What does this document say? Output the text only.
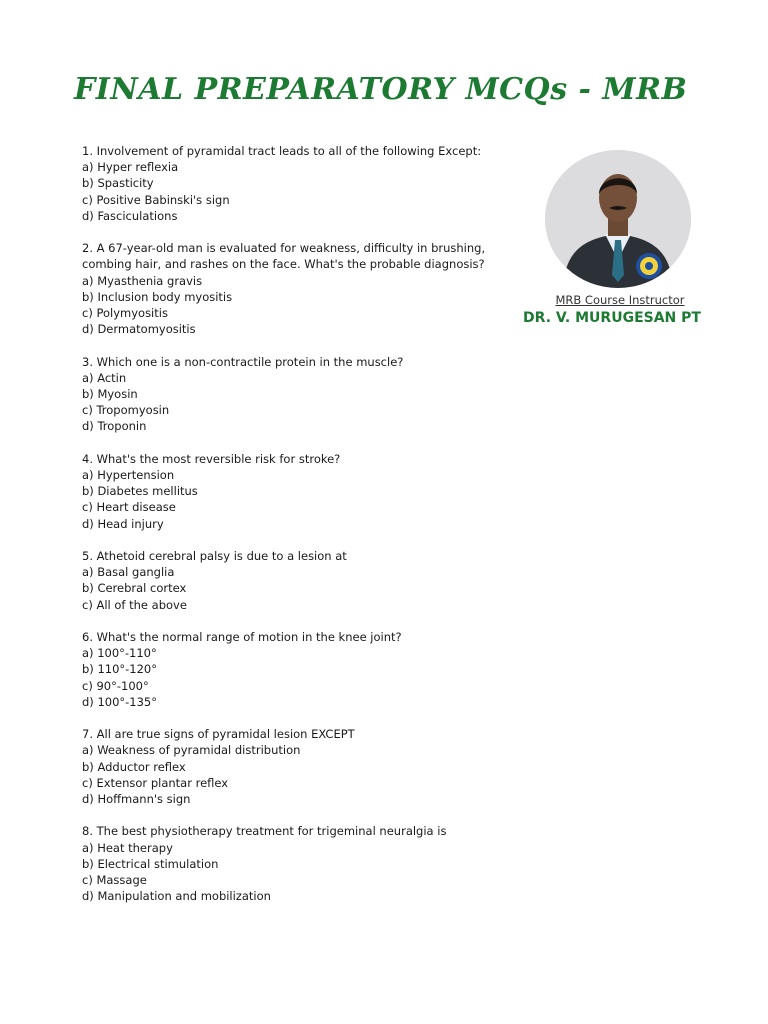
FINAL PREPARATORY MCQs - MRB
1. Involvement of pyramidal tract leads to all of the following Except:
a) Hyper reflexia
b) Spasticity
c) Positive Babinski's sign
d) Fasciculations
2. A 67-year-old man is evaluated for weakness, difficulty in brushing, combing hair, and rashes on the face. What's the probable diagnosis?
a) Myasthenia gravis
b) Inclusion body myositis
c) Polymyositis
d) Dermatomyositis
3. Which one is a non-contractile protein in the muscle?
a) Actin
b) Myosin
c) Tropomyosin
d) Troponin
4. What's the most reversible risk for stroke?
a) Hypertension
b) Diabetes mellitus
c) Heart disease
d) Head injury
5. Athetoid cerebral palsy is due to a lesion at
a) Basal ganglia
b) Cerebral cortex
c) All of the above
6. What's the normal range of motion in the knee joint?
a) 100°-110°
b) 110°-120°
c) 90°-100°
d) 100°-135°
7. All are true signs of pyramidal lesion EXCEPT
a) Weakness of pyramidal distribution
b) Adductor reflex
c) Extensor plantar reflex
d) Hoffmann's sign
8. The best physiotherapy treatment for trigeminal neuralgia is
a) Heat therapy
b) Electrical stimulation
c) Massage
d) Manipulation and mobilization
MRB Course Instructor
DR. V. MURUGESAN PT
